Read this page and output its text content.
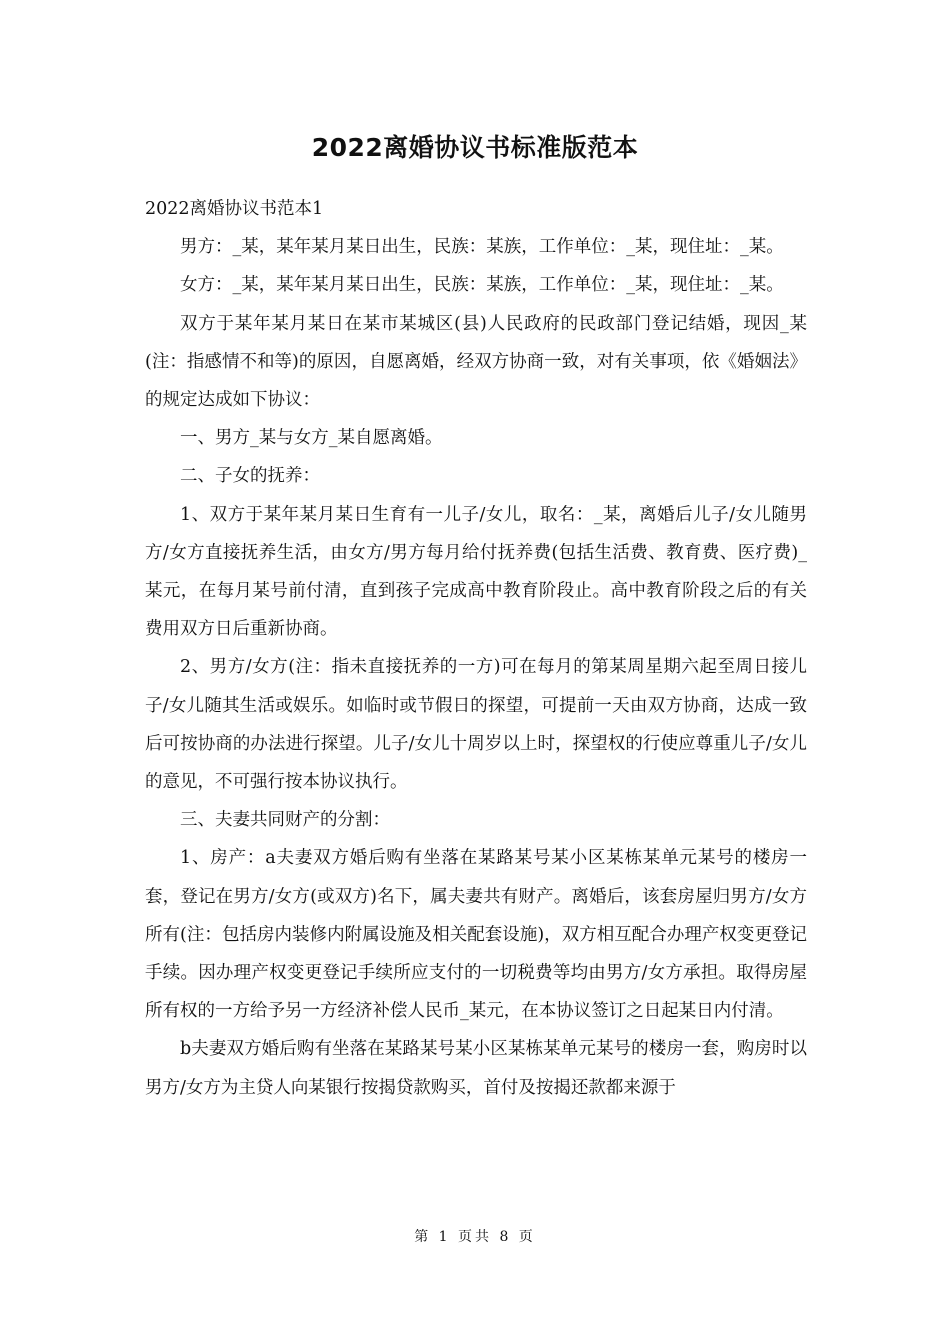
2022离婚协议书标准版范本

2022离婚协议书范本1

男方：_某，某年某月某日出生，民族：某族，工作单位：_某，现住址：_某。

女方：_某，某年某月某日出生，民族：某族，工作单位：_某，现住址：_某。

双方于某年某月某日在某市某城区(县)人民政府的民政部门登记结婚，现因_某(注：指感情不和等)的原因，自愿离婚，经双方协商一致，对有关事项，依《婚姻法》的规定达成如下协议：

一、男方_某与女方_某自愿离婚。

二、子女的抚养：

1、双方于某年某月某日生育有一儿子/女儿，取名：_某，离婚后儿子/女儿随男方/女方直接抚养生活，由女方/男方每月给付抚养费(包括生活费、教育费、医疗费)_某元，在每月某号前付清，直到孩子完成高中教育阶段止。高中教育阶段之后的有关费用双方日后重新协商。

2、男方/女方(注：指未直接抚养的一方)可在每月的第某周星期六起至周日接儿子/女儿随其生活或娱乐。如临时或节假日的探望，可提前一天由双方协商，达成一致后可按协商的办法进行探望。儿子/女儿十周岁以上时，探望权的行使应尊重儿子/女儿的意见，不可强行按本协议执行。

三、夫妻共同财产的分割：

1、房产：a夫妻双方婚后购有坐落在某路某号某小区某栋某单元某号的楼房一套，登记在男方/女方(或双方)名下，属夫妻共有财产。离婚后，该套房屋归男方/女方所有(注：包括房内装修内附属设施及相关配套设施)，双方相互配合办理产权变更登记手续。因办理产权变更登记手续所应支付的一切税费等均由男方/女方承担。取得房屋所有权的一方给予另一方经济补偿人民币_某元，在本协议签订之日起某日内付清。

b夫妻双方婚后购有坐落在某路某号某小区某栋某单元某号的楼房一套，购房时以男方/女方为主贷人向某银行按揭贷款购买，首付及按揭还款都来源于

第 1 页共 8 页
